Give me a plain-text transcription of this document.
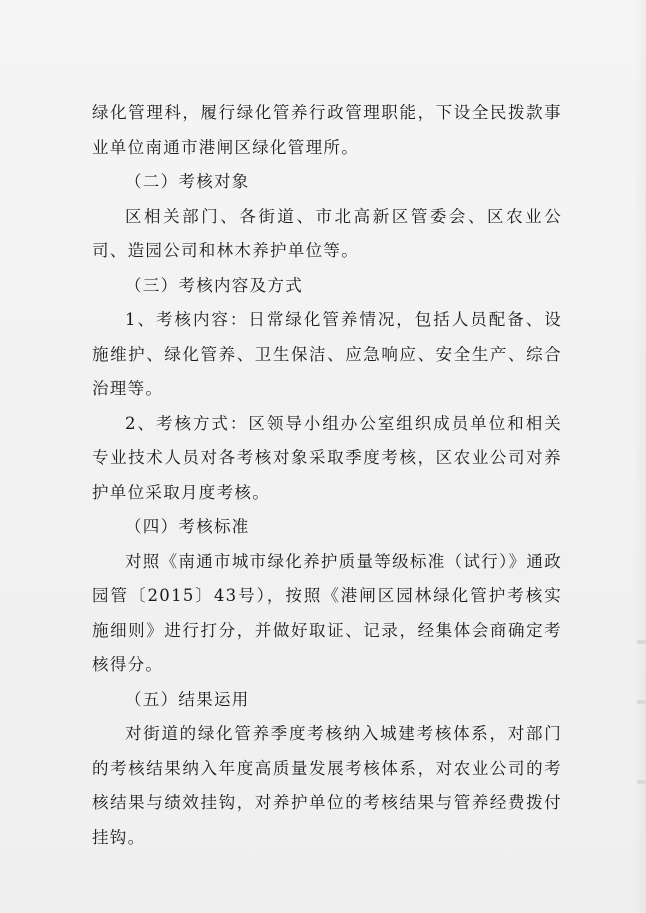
绿化管理科，履行绿化管养行政管理职能，下设全民拨款事业单位南通市港闸区绿化管理所。

（二）考核对象

区相关部门、各街道、市北高新区管委会、区农业公司、造园公司和林木养护单位等。

（三）考核内容及方式

1、考核内容：日常绿化管养情况，包括人员配备、设施维护、绿化管养、卫生保洁、应急响应、安全生产、综合治理等。

2、考核方式：区领导小组办公室组织成员单位和相关专业技术人员对各考核对象采取季度考核，区农业公司对养护单位采取月度考核。

（四）考核标准

对照《南通市城市绿化养护质量等级标准（试行）》通政园管〔2015〕43号），按照《港闸区园林绿化管护考核实施细则》进行打分，并做好取证、记录，经集体会商确定考核得分。

（五）结果运用

对街道的绿化管养季度考核纳入城建考核体系，对部门的考核结果纳入年度高质量发展考核体系，对农业公司的考核结果与绩效挂钩，对养护单位的考核结果与管养经费拨付挂钩。
